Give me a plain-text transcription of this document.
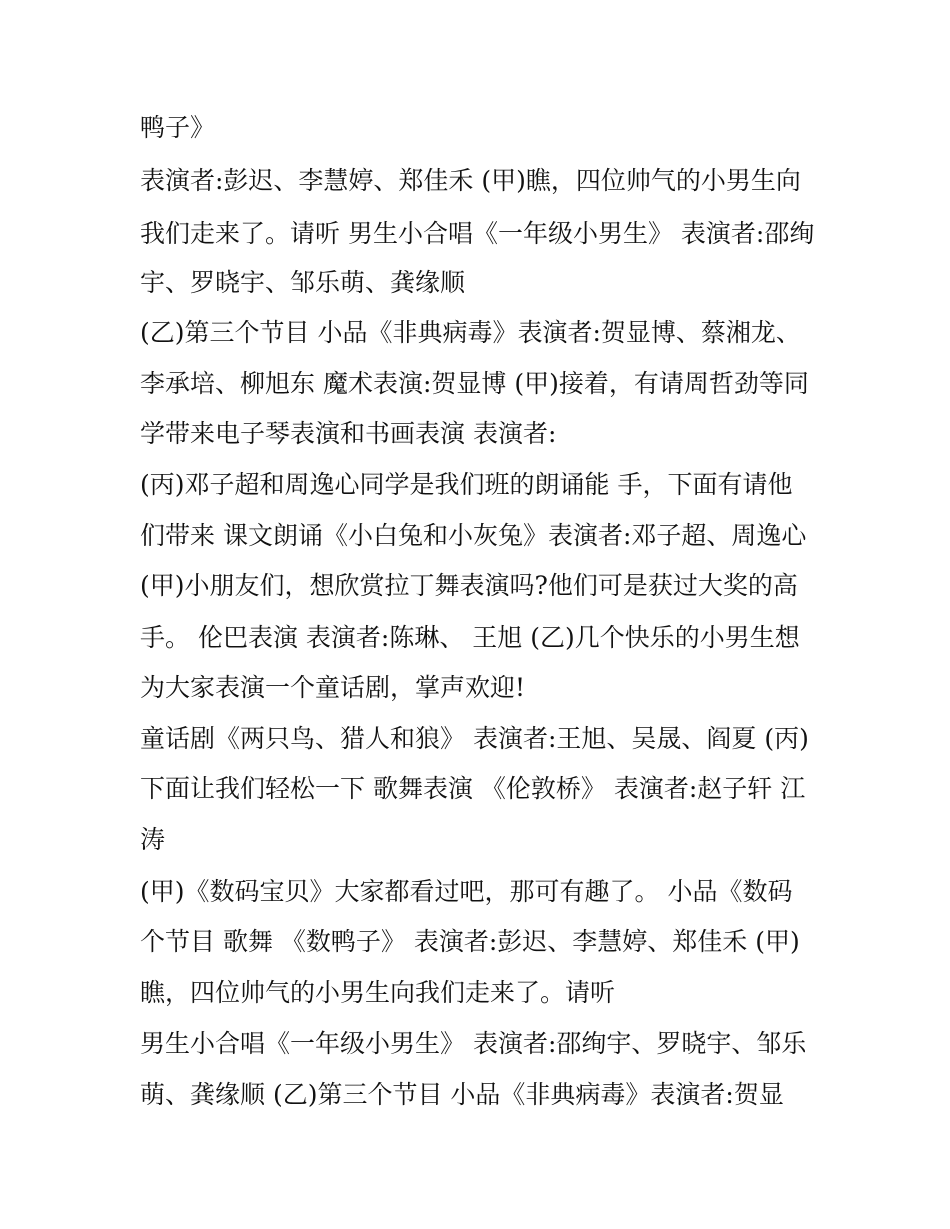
鸭子》
表演者:彭迟、李慧婷、郑佳禾 (甲)瞧，四位帅气的小男生向
我们走来了。请听 男生小合唱《一年级小男生》 表演者:邵绚
宇、罗晓宇、邹乐萌、龚缘顺
(乙)第三个节目 小品《非典病毒》表演者:贺显博、蔡湘龙、
李承培、柳旭东 魔术表演:贺显博 (甲)接着，有请周哲劲等同
学带来电子琴表演和书画表演 表演者:
(丙)邓子超和周逸心同学是我们班的朗诵能 手，下面有请他
们带来 课文朗诵《小白兔和小灰兔》表演者:邓子超、周逸心
(甲)小朋友们，想欣赏拉丁舞表演吗?他们可是获过大奖的高
手。 伦巴表演 表演者:陈琳、 王旭 (乙)几个快乐的小男生想
为大家表演一个童话剧，掌声欢迎!
童话剧《两只鸟、猎人和狼》 表演者:王旭、吴晟、阎夏 (丙)
下面让我们轻松一下 歌舞表演 《伦敦桥》 表演者:赵子轩 江
涛
(甲)《数码宝贝》大家都看过吧，那可有趣了。 小品《数码
个节目 歌舞 《数鸭子》 表演者:彭迟、李慧婷、郑佳禾 (甲)
瞧，四位帅气的小男生向我们走来了。请听
男生小合唱《一年级小男生》 表演者:邵绚宇、罗晓宇、邹乐
萌、龚缘顺 (乙)第三个节目 小品《非典病毒》表演者:贺显
